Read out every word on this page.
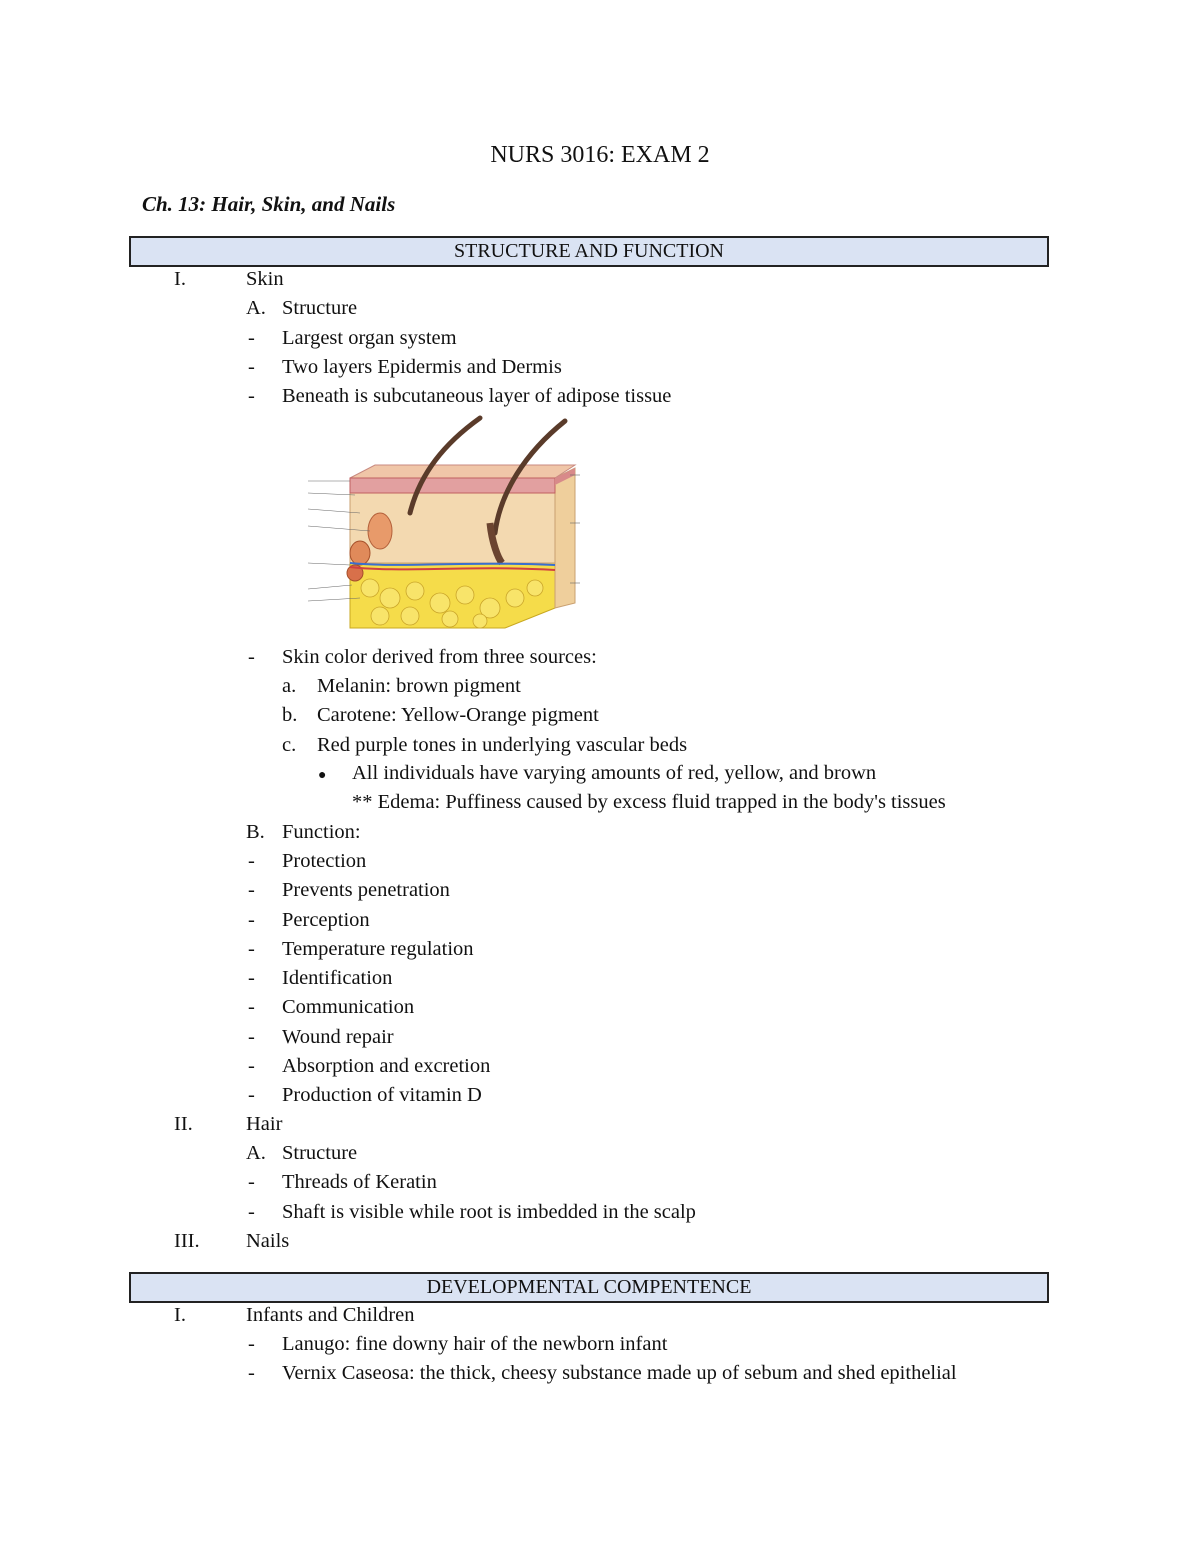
NURS 3016: EXAM 2
Ch. 13: Hair, Skin, and Nails
STRUCTURE AND FUNCTION
I.	Skin
A. Structure
- Largest organ system
- Two layers Epidermis and Dermis
- Beneath is subcutaneous layer of adipose tissue
- Skin color derived from three sources:
a. Melanin: brown pigment
b. Carotene: Yellow-Orange pigment
c. Red purple tones in underlying vascular beds
● All individuals have varying amounts of red, yellow, and brown
** Edema: Puffiness caused by excess fluid trapped in the body's tissues
B. Function:
- Protection
- Prevents penetration
- Perception
- Temperature regulation
- Identification
- Communication
- Wound repair
- Absorption and excretion
- Production of vitamin D
II.	Hair
A. Structure
- Threads of Keratin
- Shaft is visible while root is imbedded in the scalp
III. Nails
DEVELOPMENTAL COMPENTENCE
I.	Infants and Children
- Lanugo: fine downy hair of the newborn infant
- Vernix Caseosa: the thick, cheesy substance made up of sebum and shed epithelial
